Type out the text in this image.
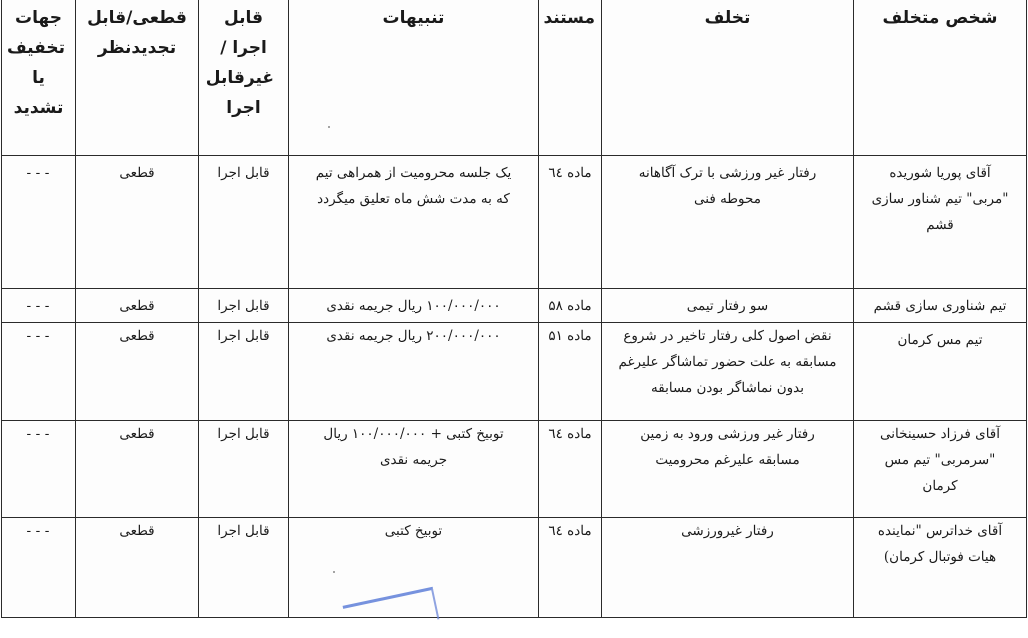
شخص متخلف	تخلف	مستند	تنبیهات	قابل اجرا /غیرقابل اجرا	قطعی/قابل تجدیدنظر	جهات تخفیف یا تشدید
آقای پوریا شوریده "مربی" تیم شناور سازی قشم	رفتار غیر ورزشی با ترک آگاهانه محوطه فنی	ماده ٦٤	یک جلسه محرومیت از همراهی تیم که به مدت شش ماه تعلیق میگردد	قابل اجرا	قطعی	---
تیم شناوری سازی قشم	سو رفتار تیمی	ماده ۵۸	۱۰۰/۰۰۰/۰۰۰ ریال جریمه نقدی	قابل اجرا	قطعی	---
تیم مس کرمان	نقض اصول کلی رفتار تاخیر در شروع مسابقه به علت حضور تماشاگر علیرغم بدون نماشاگر بودن مسابقه	ماده ۵۱	۲۰۰/۰۰۰/۰۰۰ ریال جریمه نقدی	قابل اجرا	قطعی	---
آقای فرزاد حسینخانی "سرمربی" تیم مس کرمان	رفتار غیر ورزشی ورود به زمین مسابقه علیرغم محرومیت	ماده ٦٤	توبیخ کتبی + ۱۰۰/۰۰۰/۰۰۰ ریال جریمه نقدی	قابل اجرا	قطعی	---
آقای خداترس "نماینده هیات فوتبال کرمان)	رفتار غیرورزشی	ماده ٦٤	توبیخ کتبی	قابل اجرا	قطعی	---
